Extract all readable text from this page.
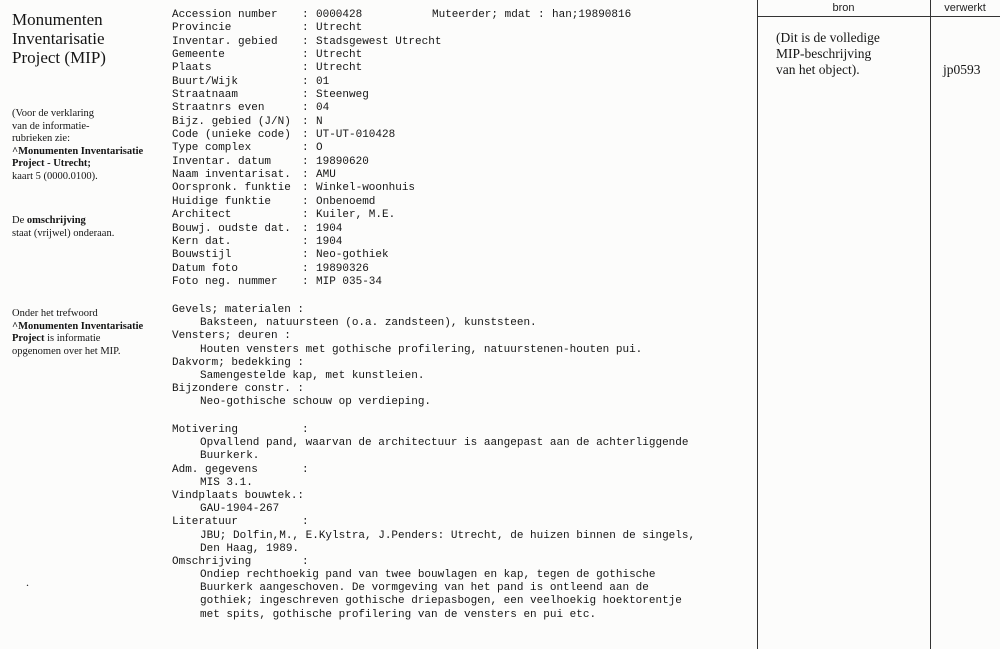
Monumenten
Inventarisatie
Project (MIP)
(Voor de verklaring
van de informatie-
rubrieken zie:
^Monumenten Inventarisatie
Project - Utrecht;
kaart 5 (0000.0100).
De omschrijving
staat (vrijwel) onderaan.
Onder het trefwoord
^Monumenten Inventarisatie
Project is informatie
opgenomen over het MIP.
.
Accession number : 0000428	Muteerder; mdat : han;19890816
Provincie	: Utrecht
Inventar. gebied : Stadsgewest Utrecht
Gemeente	: Utrecht
Plaats	: Utrecht
Buurt/Wijk	: 01
Straatnaam	: Steenweg
Straatnrs even	: 04
Bijz. gebied (J/N) : N
Code (unieke code) : UT-UT-010428
Type complex	: O
Inventar. datum	: 19890620
Naam inventarisat. : AMU
Oorspronk. funktie : Winkel-woonhuis
Huidige funktie	: Onbenoemd
Architect	: Kuiler, M.E.
Bouwj. oudste dat. : 1904
Kern dat.	: 1904
Bouwstijl	: Neo-gothiek
Datum foto	: 19890326
Foto neg. nummer : MIP 035-34
Gevels; materialen :
Baksteen, natuursteen (o.a. zandsteen), kunststeen.
Vensters; deuren :
Houten vensters met gothische profilering, natuurstenen-houten pui.
Dakvorm; bedekking :
Samengestelde kap, met kunstleien.
Bijzondere constr. :
Neo-gothische schouw op verdieping.
Motivering	:
Opvallend pand, waarvan de architectuur is aangepast aan de achterliggende
Buurkerk.
Adm. gegevens	:
MIS 3.1.
Vindplaats bouwtek.:
GAU-1904-267
Literatuur	:
JBU; Dolfin,M., E.Kylstra, J.Penders: Utrecht, de huizen binnen de singels,
Den Haag, 1989.
Omschrijving	:
Ondiep rechthoekig pand van twee bouwlagen en kap, tegen de gothische
Buurkerk aangeschoven. De vormgeving van het pand is ontleend aan de
gothiek; ingeschreven gothische driepasbogen, een veelhoekig hoektorentje
met spits, gothische profilering van de vensters en pui etc.
bron	verwerkt
(Dit is de volledige
MIP-beschrijving
van het object).	jp0593
